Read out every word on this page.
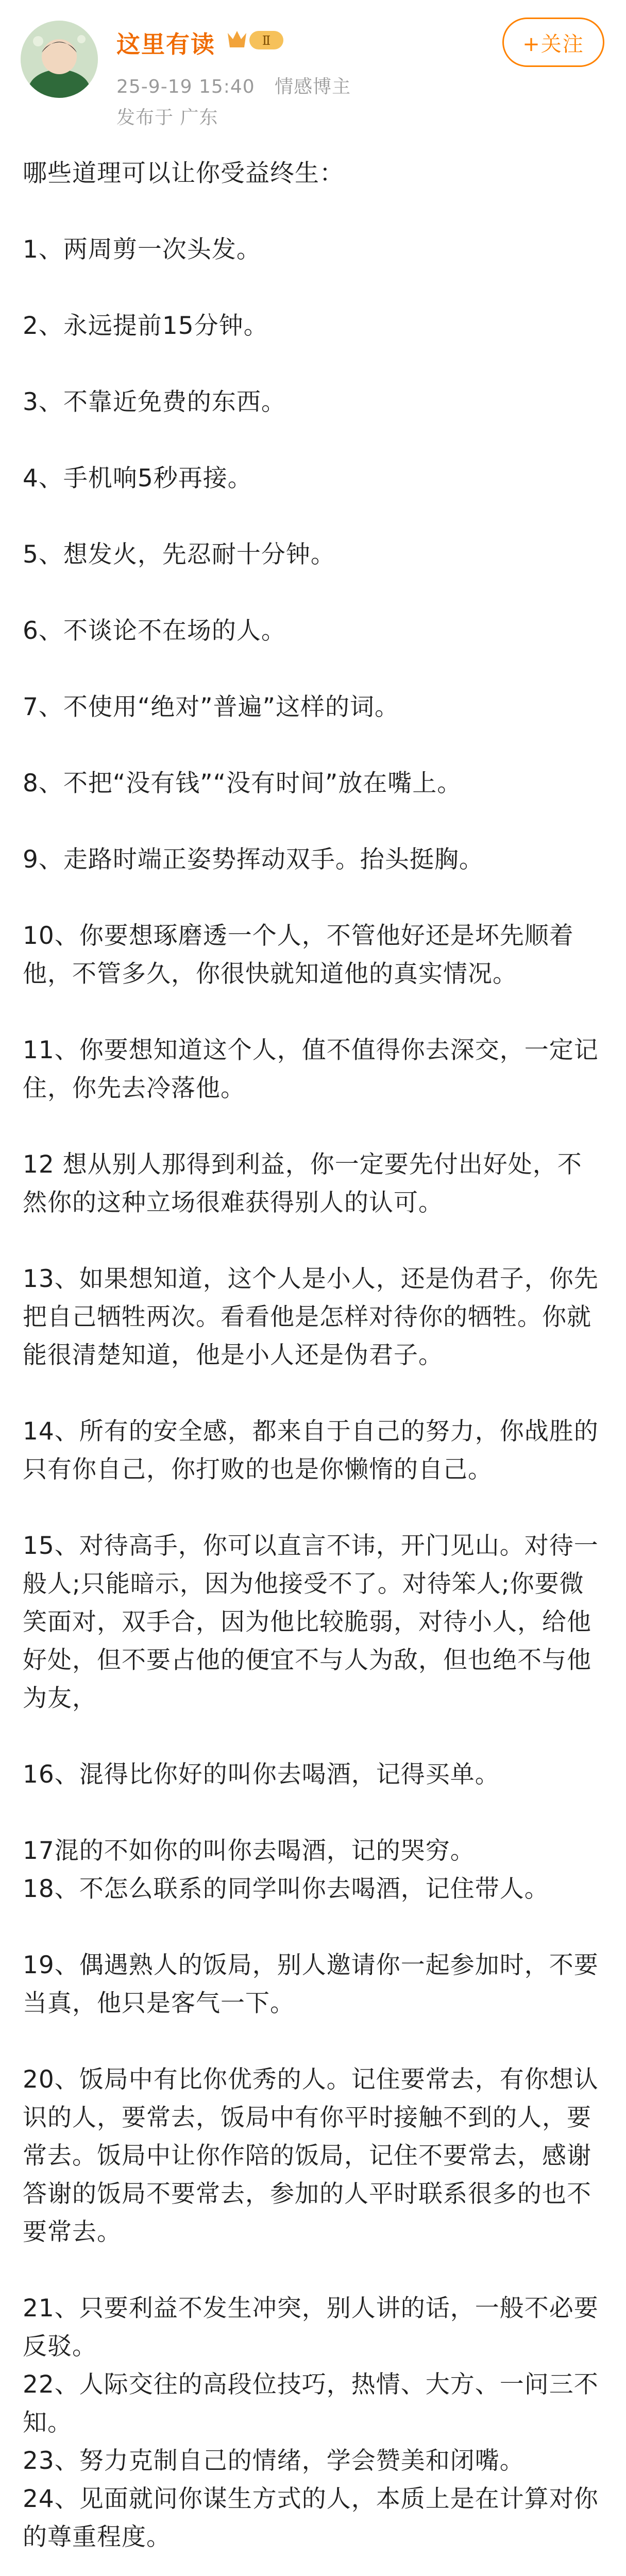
这里有读	Ⅱ
25-9-19 15:40 情感博主
发布于 广东
+关注
哪些道理可以让你受益终生：
1、两周剪一次头发。
2、永远提前15分钟。
3、不靠近免费的东西。
4、手机响5秒再接。
5、想发火，先忍耐十分钟。
6、不谈论不在场的人。
7、不使用“绝对”普遍”这样的词。
8、不把“没有钱”“没有时间”放在嘴上。
9、走路时端正姿势挥动双手。抬头挺胸。
10、你要想琢磨透一个人，不管他好还是坏先顺着他，不管多久，你很快就知道他的真实情况。
11、你要想知道这个人，值不值得你去深交，一定记住，你先去冷落他。
12 想从别人那得到利益，你一定要先付出好处，不然你的这种立场很难获得别人的认可。
13、如果想知道，这个人是小人，还是伪君子，你先把自己牺牲两次。看看他是怎样对待你的牺牲。你就能很清楚知道，他是小人还是伪君子。
14、所有的安全感，都来自于自己的努力，你战胜的只有你自己，你打败的也是你懒惰的自己。
15、对待高手，你可以直言不讳，开门见山。对待一般人;只能暗示，因为他接受不了。对待笨人;你要微笑面对，双手合，因为他比较脆弱，对待小人，给他好处，但不要占他的便宜不与人为敌，但也绝不与他为友，
16、混得比你好的叫你去喝酒，记得买单。
17混的不如你的叫你去喝酒，记的哭穷。
18、不怎么联系的同学叫你去喝酒，记住带人。
19、偶遇熟人的饭局，别人邀请你一起参加时，不要当真，他只是客气一下。
20、饭局中有比你优秀的人。记住要常去，有你想认识的人，要常去，饭局中有你平时接触不到的人，要常去。饭局中让你作陪的饭局，记住不要常去，感谢答谢的饭局不要常去，参加的人平时联系很多的也不要常去。
21、只要利益不发生冲突，别人讲的话，一般不必要反驳。
22、人际交往的高段位技巧，热情、大方、一问三不知。
23、努力克制自己的情绪，学会赞美和闭嘴。
24、见面就问你谋生方式的人，本质上是在计算对你的尊重程度。
